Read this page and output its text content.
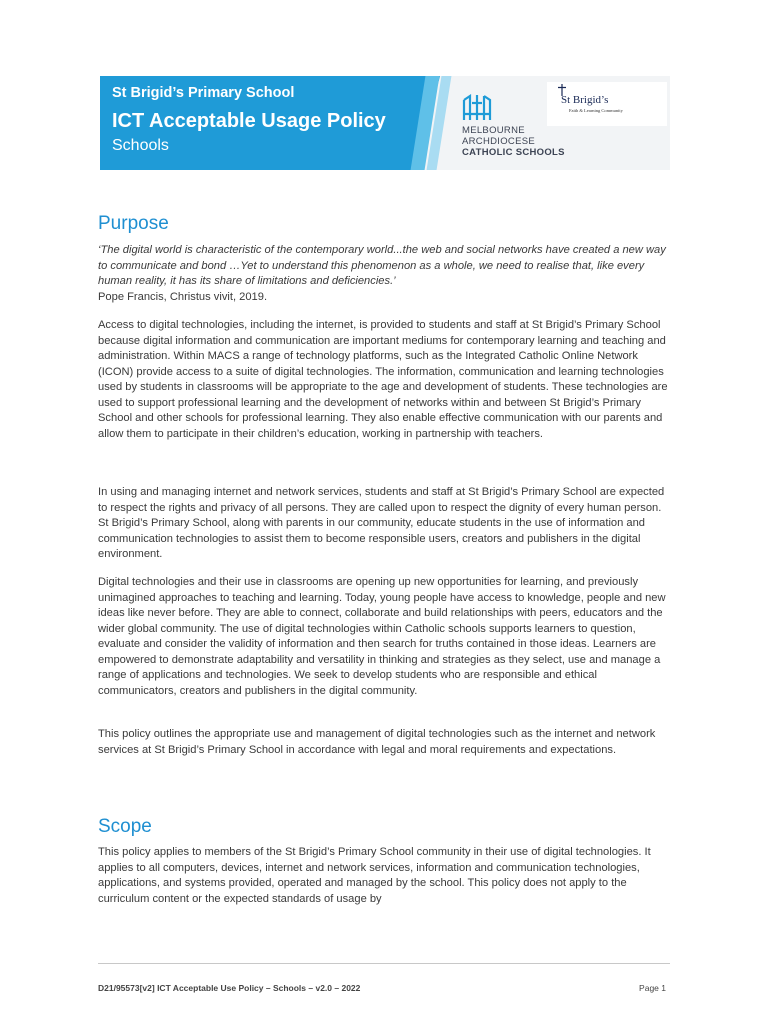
St Brigid’s Primary School
ICT Acceptable Usage Policy
Schools
MELBOURNE
ARCHDIOCESE
CATHOLIC SCHOOLS
St Brigid’s
Faith & Learning Community
Purpose

‘The digital world is characteristic of the contemporary world...the web and social networks have created a new way to communicate and bond …Yet to understand this phenomenon as a whole, we need to realise that, like every human reality, it has its share of limitations and deficiencies.’

Pope Francis, Christus vivit, 2019.

Access to digital technologies, including the internet, is provided to students and staff at St Brigid’s Primary School because digital information and communication are important mediums for contemporary learning and teaching and administration. Within MACS a range of technology platforms, such as the Integrated Catholic Online Network (ICON) provide access to a suite of digital technologies. The information, communication and learning technologies used by students in classrooms will be appropriate to the age and development of students. These technologies are used to support professional learning and the development of networks within and between St Brigid’s Primary School and other schools for professional learning. They also enable effective communication with our parents and allow them to participate in their children’s education, working in partnership with teachers.

In using and managing internet and network services, students and staff at St Brigid’s Primary School are expected to respect the rights and privacy of all persons. They are called upon to respect the dignity of every human person. St Brigid’s Primary School, along with parents in our community, educate students in the use of information and communication technologies to assist them to become responsible users, creators and publishers in the digital environment.

Digital technologies and their use in classrooms are opening up new opportunities for learning, and previously unimagined approaches to teaching and learning. Today, young people have access to knowledge, people and new ideas like never before. They are able to connect, collaborate and build relationships with peers, educators and the wider global community. The use of digital technologies within Catholic schools supports learners to question, evaluate and consider the validity of information and then search for truths contained in those ideas. Learners are empowered to demonstrate adaptability and versatility in thinking and strategies as they select, use and manage a range of applications and technologies. We seek to develop students who are responsible and ethical communicators, creators and publishers in the digital community.

This policy outlines the appropriate use and management of digital technologies such as the internet and network services at St Brigid’s Primary School in accordance with legal and moral requirements and expectations.

Scope

This policy applies to members of the St Brigid’s Primary School community in their use of digital technologies. It applies to all computers, devices, internet and network services, information and communication technologies, applications, and systems provided, operated and managed by the school. This policy does not apply to the curriculum content or the expected standards of usage by

D21/95573[v2] ICT Acceptable Use Policy – Schools – v2.0 – 2022	Page 1
